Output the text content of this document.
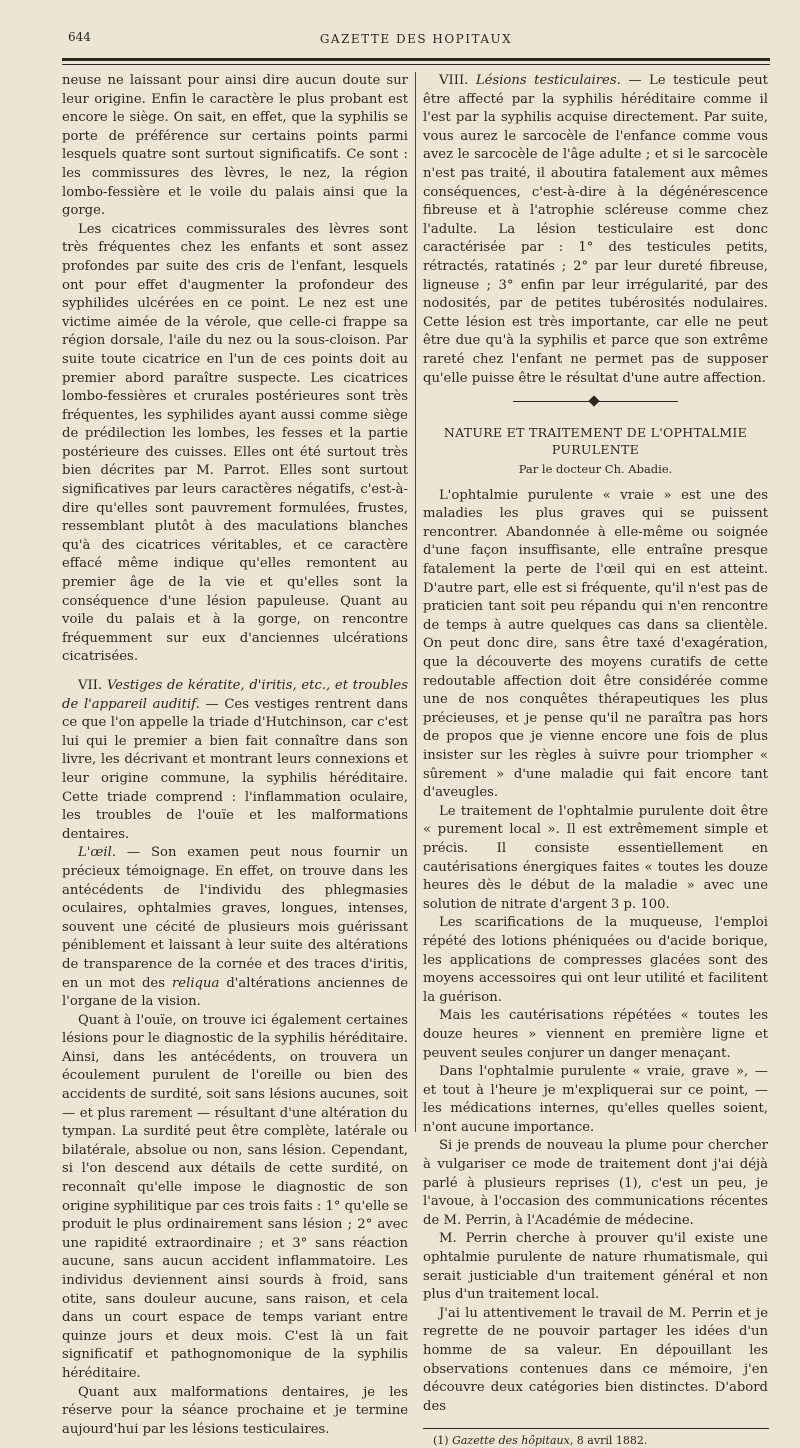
644	GAZETTE DES HOPITAUX

neuse ne laissant pour ainsi dire aucun doute sur leur origine. Enfin le caractère le plus probant est encore le siège. On sait, en effet, que la syphilis se porte de préférence sur certains points parmi lesquels quatre sont surtout significatifs. Ce sont : les commissures des lèvres, le nez, la région lombo-fessière et le voile du palais ainsi que la gorge.

Les cicatrices commissurales des lèvres sont très fréquentes chez les enfants et sont assez profondes par suite des cris de l'enfant, lesquels ont pour effet d'augmenter la profondeur des syphilides ulcérées en ce point. Le nez est une victime aimée de la vérole, que celle-ci frappe sa région dorsale, l'aile du nez ou la sous-cloison. Par suite toute cicatrice en l'un de ces points doit au premier abord paraître suspecte. Les cicatrices lombo-fessières et crurales postérieures sont très fréquentes, les syphilides ayant aussi comme siège de prédilection les lombes, les fesses et la partie postérieure des cuisses. Elles ont été surtout très bien décrites par M. Parrot. Elles sont surtout significatives par leurs caractères négatifs, c'est-à-dire qu'elles sont pauvrement formulées, frustes, ressemblant plutôt à des maculations blanches qu'à des cicatrices véritables, et ce caractère effacé même indique qu'elles remontent au premier âge de la vie et qu'elles sont la conséquence d'une lésion papuleuse. Quant au voile du palais et à la gorge, on rencontre fréquemment sur eux d'anciennes ulcérations cicatrisées.

VII. Vestiges de kératite, d'iritis, etc., et troubles de l'appareil auditif. — Ces vestiges rentrent dans ce que l'on appelle la triade d'Hutchinson, car c'est lui qui le premier a bien fait connaître dans son livre, les décrivant et montrant leurs connexions et leur origine commune, la syphilis héréditaire. Cette triade comprend : l'inflammation oculaire, les troubles de l'ouïe et les malformations dentaires.

L'œil. — Son examen peut nous fournir un précieux témoignage. En effet, on trouve dans les antécédents de l'individu des phlegmasies oculaires, ophtalmies graves, longues, intenses, souvent une cécité de plusieurs mois guérissant péniblement et laissant à leur suite des altérations de transparence de la cornée et des traces d'iritis, en un mot des reliqua d'altérations anciennes de l'organe de la vision.

Quant à l'ouïe, on trouve ici également certaines lésions pour le diagnostic de la syphilis héréditaire. Ainsi, dans les antécédents, on trouvera un écoulement purulent de l'oreille ou bien des accidents de surdité, soit sans lésions aucunes, soit — et plus rarement — résultant d'une altération du tympan. La surdité peut être complète, latérale ou bilatérale, absolue ou non, sans lésion. Cependant, si l'on descend aux détails de cette surdité, on reconnaît qu'elle impose le diagnostic de son origine syphilitique par ces trois faits : 1° qu'elle se produit le plus ordinairement sans lésion ; 2° avec une rapidité extraordinaire ; et 3° sans réaction aucune, sans aucun accident inflammatoire. Les individus deviennent ainsi sourds à froid, sans otite, sans douleur aucune, sans raison, et cela dans un court espace de temps variant entre quinze jours et deux mois. C'est là un fait significatif et pathognomonique de la syphilis héréditaire.

Quant aux malformations dentaires, je les réserve pour la séance prochaine et je termine aujourd'hui par les lésions testiculaires.

VIII. Lésions testiculaires. — Le testicule peut être affecté par la syphilis héréditaire comme il l'est par la syphilis acquise directement. Par suite, vous aurez le sarcocèle de l'enfance comme vous avez le sarcocèle de l'âge adulte ; et si le sarcocèle n'est pas traité, il aboutira fatalement aux mêmes conséquences, c'est-à-dire à la dégénérescence fibreuse et à l'atrophie scléreuse comme chez l'adulte. La lésion testiculaire est donc caractérisée par : 1° des testicules petits, rétractés, ratatinés ; 2° par leur dureté fibreuse, ligneuse ; 3° enfin par leur irrégularité, par des nodosités, par de petites tubérosités nodulaires. Cette lésion est très importante, car elle ne peut être due qu'à la syphilis et parce que son extrême rareté chez l'enfant ne permet pas de supposer qu'elle puisse être le résultat d'une autre affection.

NATURE ET TRAITEMENT DE L'OPHTALMIE PURULENTE
Par le docteur Ch. Abadie.

L'ophtalmie purulente « vraie » est une des maladies les plus graves qui se puissent rencontrer. Abandonnée à elle-même ou soignée d'une façon insuffisante, elle entraîne presque fatalement la perte de l'œil qui en est atteint. D'autre part, elle est si fréquente, qu'il n'est pas de praticien tant soit peu répandu qui n'en rencontre de temps à autre quelques cas dans sa clientèle. On peut donc dire, sans être taxé d'exagération, que la découverte des moyens curatifs de cette redoutable affection doit être considérée comme une de nos conquêtes thérapeutiques les plus précieuses, et je pense qu'il ne paraîtra pas hors de propos que je vienne encore une fois de plus insister sur les règles à suivre pour triompher « sûrement » d'une maladie qui fait encore tant d'aveugles.

Le traitement de l'ophtalmie purulente doit être « purement local ». Il est extrêmement simple et précis. Il consiste essentiellement en cautérisations énergiques faites « toutes les douze heures dès le début de la maladie » avec une solution de nitrate d'argent 3 p. 100.

Les scarifications de la muqueuse, l'emploi répété des lotions phéniquées ou d'acide borique, les applications de compresses glacées sont des moyens accessoires qui ont leur utilité et facilitent la guérison.

Mais les cautérisations répétées « toutes les douze heures » viennent en première ligne et peuvent seules conjurer un danger menaçant.

Dans l'ophtalmie purulente « vraie, grave », — et tout à l'heure je m'expliquerai sur ce point, — les médications internes, qu'elles quelles soient, n'ont aucune importance.

Si je prends de nouveau la plume pour chercher à vulgariser ce mode de traitement dont j'ai déjà parlé à plusieurs reprises (1), c'est un peu, je l'avoue, à l'occasion des communications récentes de M. Perrin, à l'Académie de médecine.

M. Perrin cherche à prouver qu'il existe une ophtalmie purulente de nature rhumatismale, qui serait justiciable d'un traitement général et non plus d'un traitement local.

J'ai lu attentivement le travail de M. Perrin et je regrette de ne pouvoir partager les idées d'un homme de sa valeur. En dépouillant les observations contenues dans ce mémoire, j'en découvre deux catégories bien distinctes. D'abord des

(1) Gazette des hôpitaux, 8 avril 1882.
